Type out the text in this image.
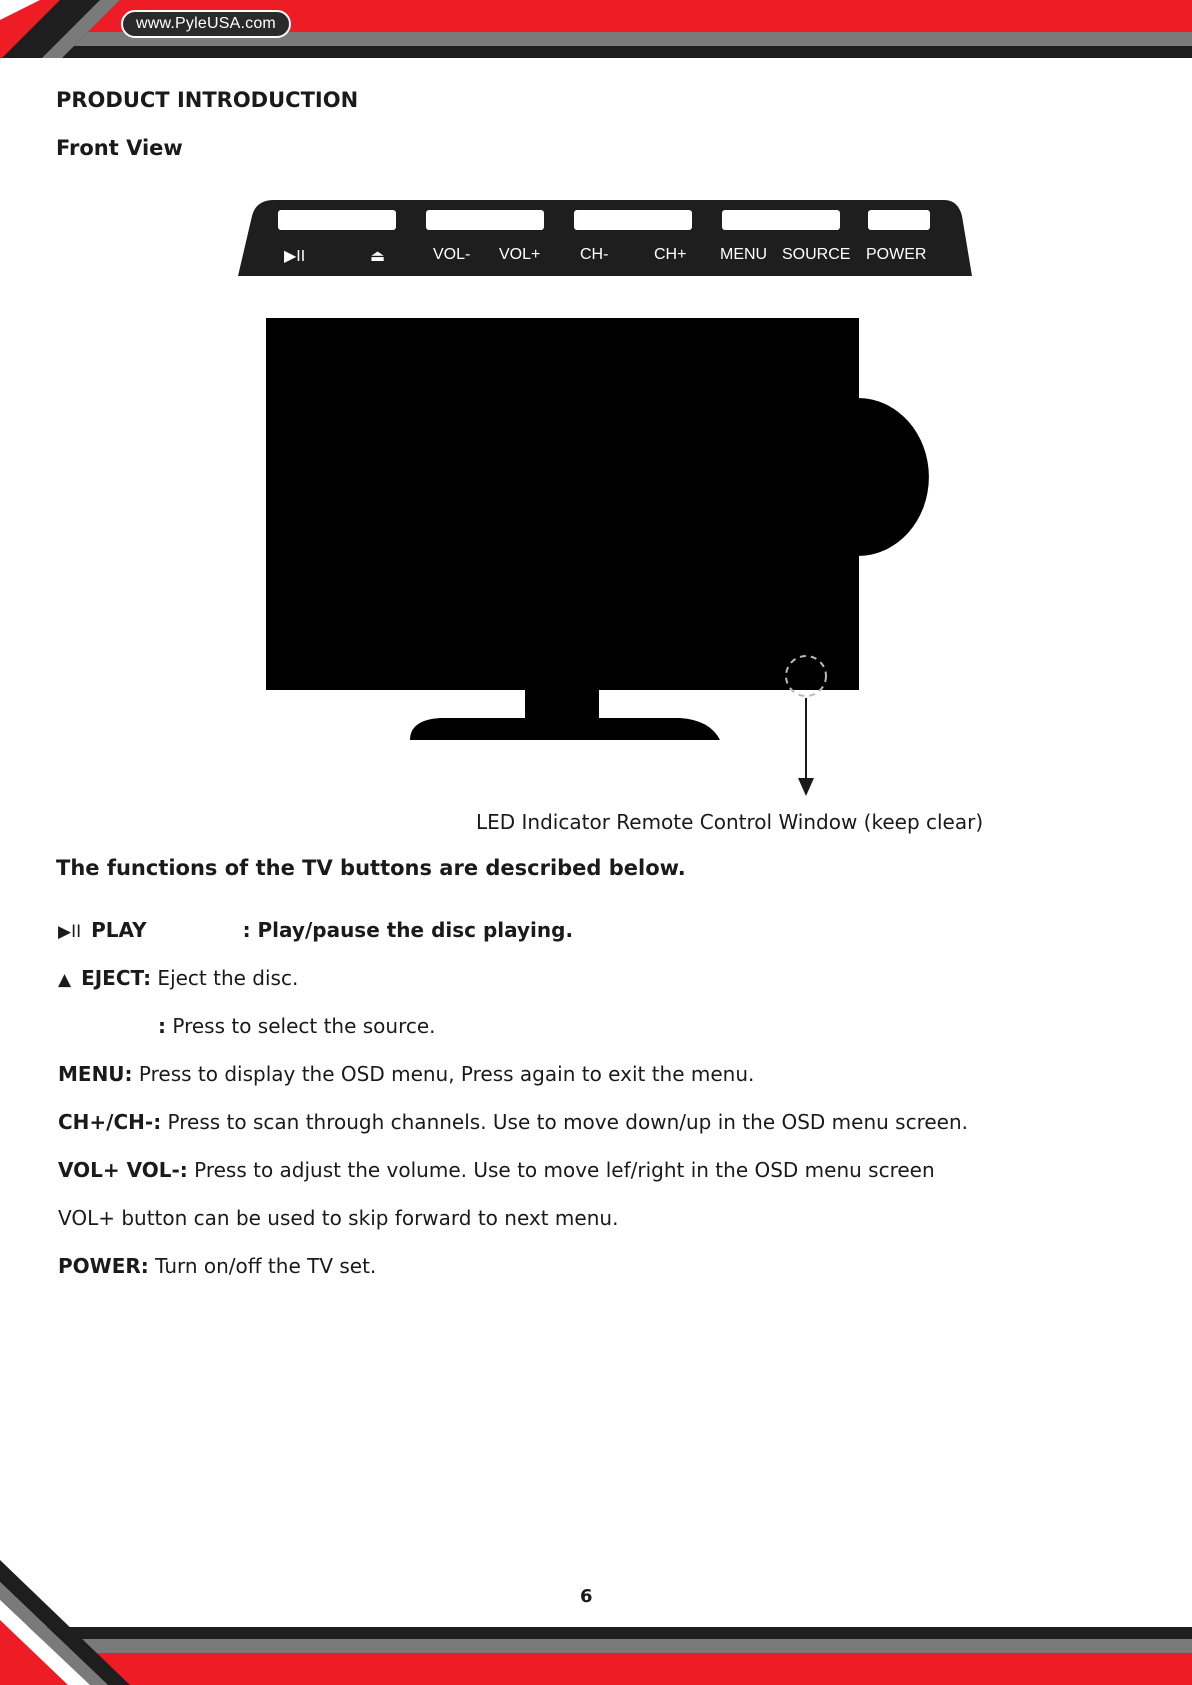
www.PyleUSA.com
PRODUCT INTRODUCTION
Front View
▶II	⏏	VOL- VOL+ CH-	CH+ MENU SOURCE POWER
LED Indicator Remote Control Window (keep clear)
The functions of the TV buttons are described below.
▶II PLAY	: Play/pause the disc playing.
▲ EJECT: Eject the disc.
: Press to select the source.
MENU: Press to display the OSD menu, Press again to exit the menu.
CH+/CH-: Press to scan through channels. Use to move down/up in the OSD menu screen.
VOL+ VOL-: Press to adjust the volume. Use to move lef/right in the OSD menu screen
VOL+ button can be used to skip forward to next menu.
POWER: Turn on/off the TV set.
6
